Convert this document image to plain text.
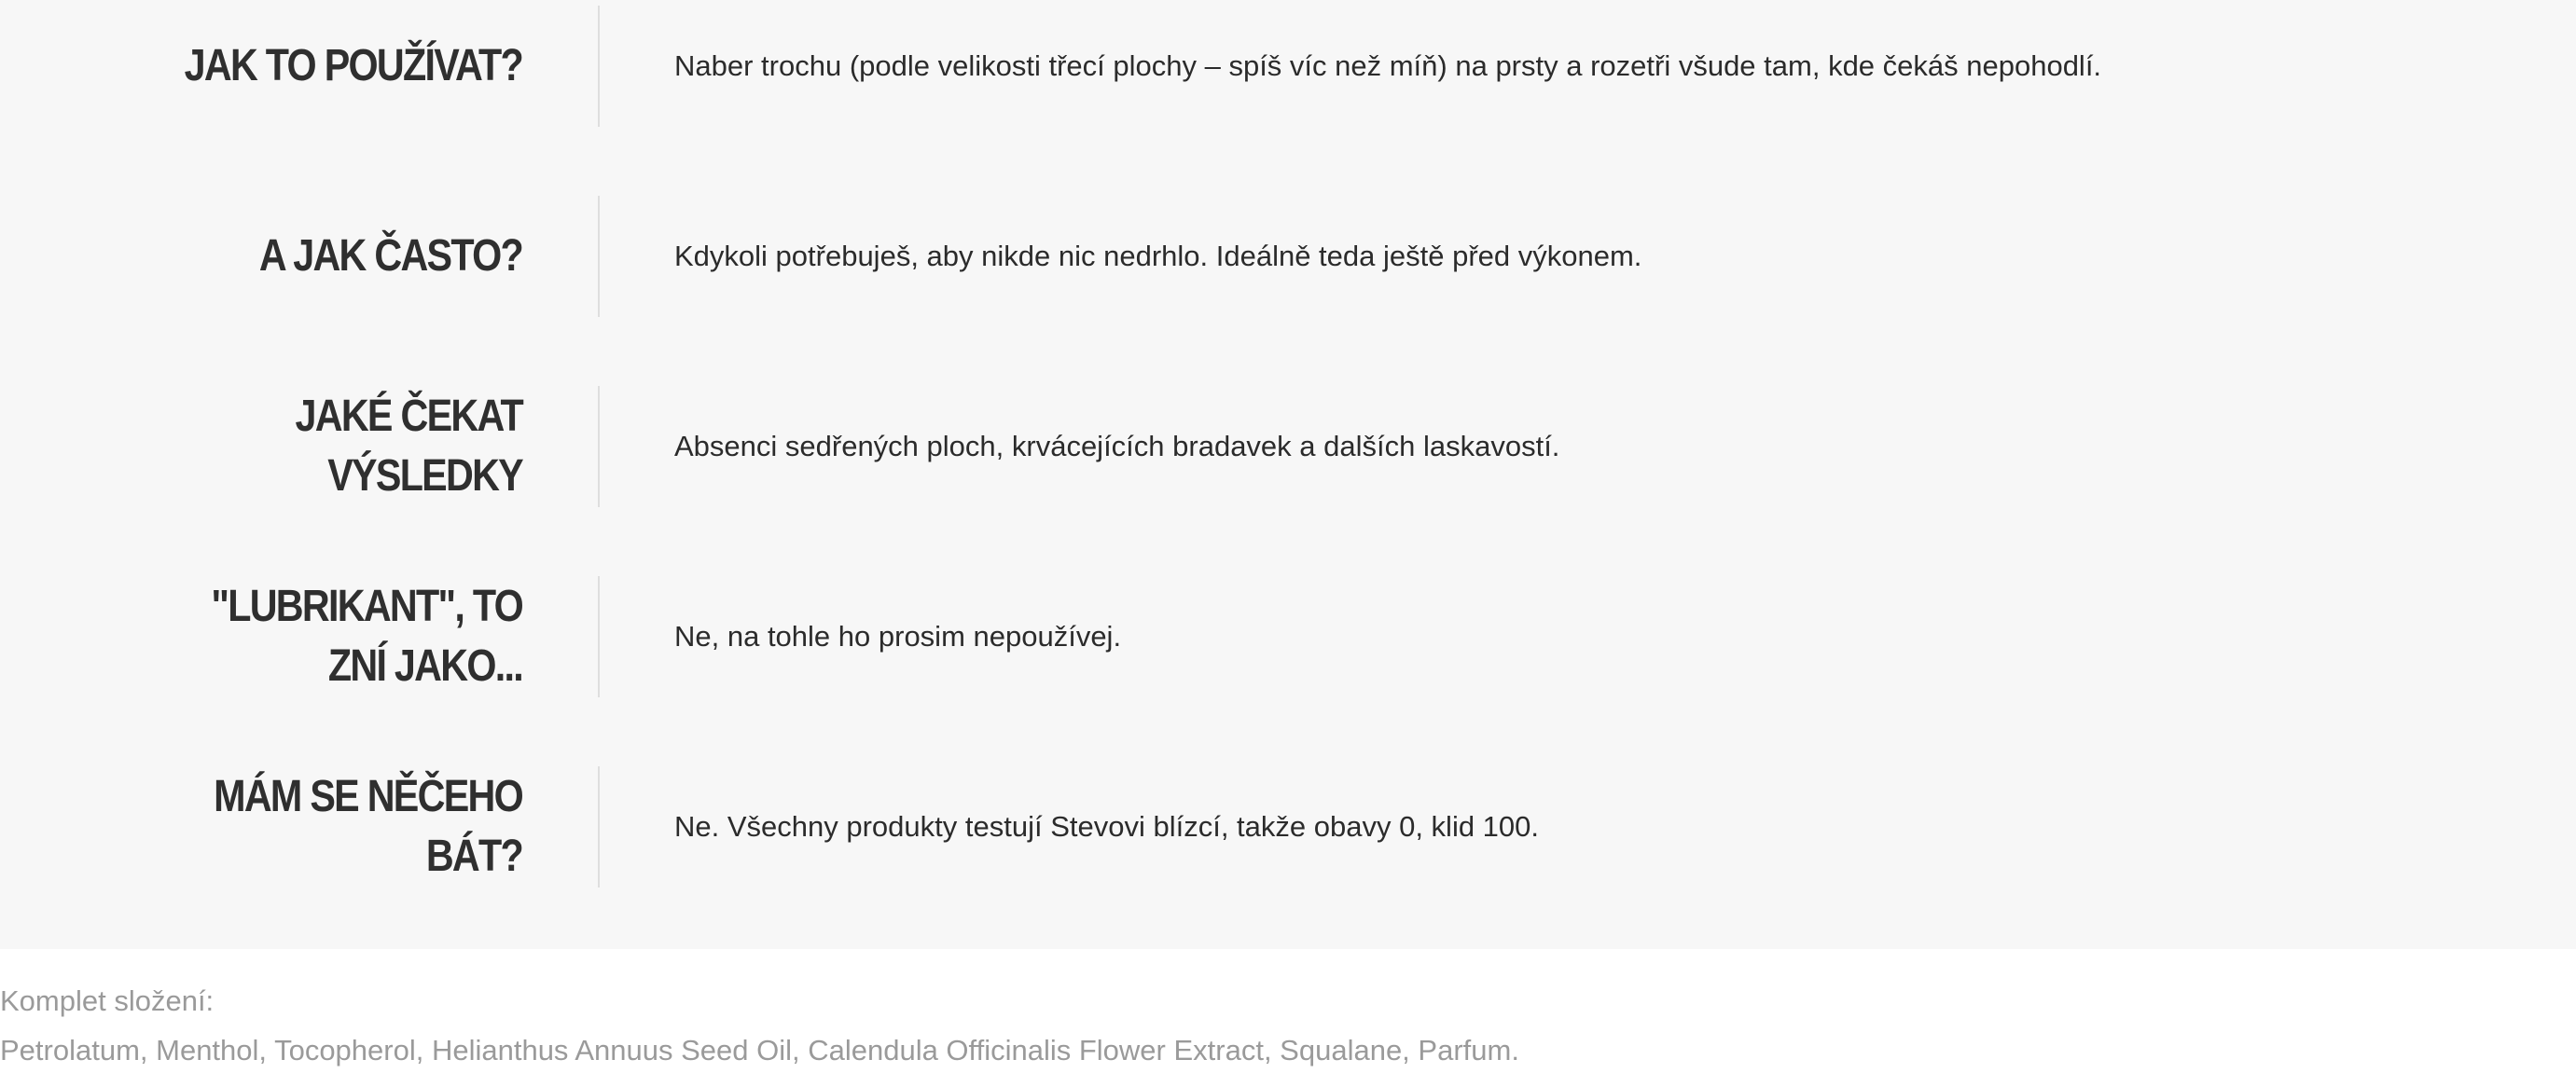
JAK TO POUŽÍVAT?	Naber trochu (podle velikosti třecí plochy – spíš víc než míň) na prsty a rozetři všude tam, kde čekáš nepohodlí.
A JAK ČASTO?	Kdykoli potřebuješ, aby nikde nic nedrhlo. Ideálně teda ještě před výkonem.
JAKÉ ČEKAT VÝSLEDKY
Absenci sedřených ploch, krvácejících bradavek a dalších laskavostí.
"LUBRIKANT", TO ZNÍ JAKO...
Ne, na tohle ho prosim nepoužívej.
MÁM SE NĚČEHO BÁT?
Ne. Všechny produkty testují Stevovi blízcí, takže obavy 0, klid 100.
Komplet složení:
Petrolatum, Menthol, Tocopherol, Helianthus Annuus Seed Oil, Calendula Officinalis Flower Extract, Squalane, Parfum.
